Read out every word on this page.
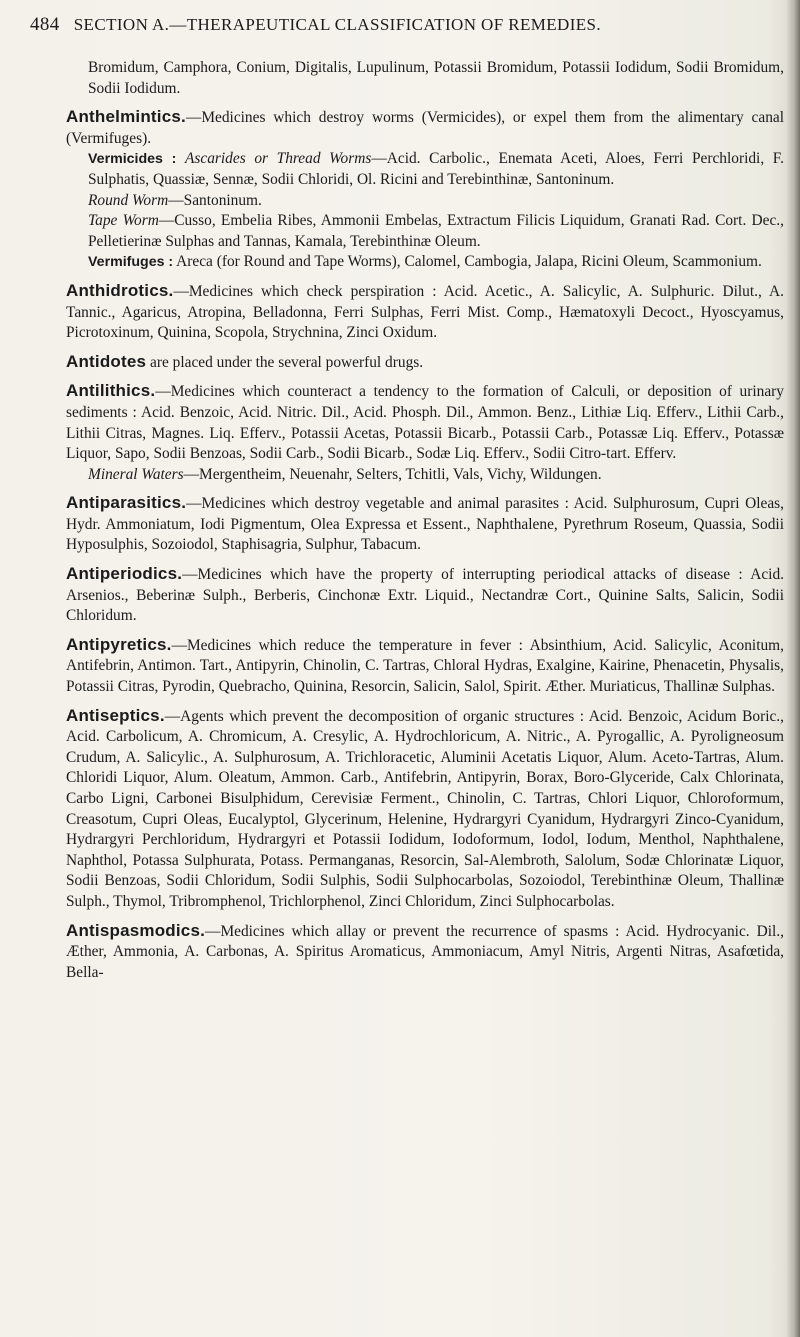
484 SECTION A.—THERAPEUTICAL CLASSIFICATION OF REMEDIES.

Bromidum, Camphora, Conium, Digitalis, Lupulinum, Potassii Bromidum, Potassii Iodidum, Sodii Bromidum, Sodii Iodidum.

Anthelmintics.—Medicines which destroy worms (Vermicides), or expel them from the alimentary canal (Vermifuges).

Vermicides : Ascarides or Thread Worms—Acid. Carbolic., Enemata Aceti, Aloes, Ferri Perchloridi, F. Sulphatis, Quassiæ, Sennæ, Sodii Chloridi, Ol. Ricini and Terebinthinæ, Santoninum.

Round Worm—Santoninum.

Tape Worm—Cusso, Embelia Ribes, Ammonii Embelas, Extractum Filicis Liquidum, Granati Rad. Cort. Dec., Pelletierinæ Sulphas and Tannas, Kamala, Terebinthinæ Oleum.

Vermifuges : Areca (for Round and Tape Worms), Calomel, Cambogia, Jalapa, Ricini Oleum, Scammonium.

Anthidrotics.—Medicines which check perspiration : Acid. Acetic., A. Salicylic, A. Sulphuric. Dilut., A. Tannic., Agaricus, Atropina, Belladonna, Ferri Sulphas, Ferri Mist. Comp., Hæmatoxyli Decoct., Hyoscyamus, Picrotoxinum, Quinina, Scopola, Strychnina, Zinci Oxidum.

Antidotes are placed under the several powerful drugs.

Antilithics.—Medicines which counteract a tendency to the formation of Calculi, or deposition of urinary sediments : Acid. Benzoic, Acid. Nitric. Dil., Acid. Phosph. Dil., Ammon. Benz., Lithiæ Liq. Efferv., Lithii Carb., Lithii Citras, Magnes. Liq. Efferv., Potassii Acetas, Potassii Bicarb., Potassii Carb., Potassæ Liq. Efferv., Potassæ Liquor, Sapo, Sodii Benzoas, Sodii Carb., Sodii Bicarb., Sodæ Liq. Efferv., Sodii Citro-tart. Efferv.

Mineral Waters—Mergentheim, Neuenahr, Selters, Tchitli, Vals, Vichy, Wildungen.

Antiparasitics.—Medicines which destroy vegetable and animal parasites : Acid. Sulphurosum, Cupri Oleas, Hydr. Ammoniatum, Iodi Pigmentum, Olea Expressa et Essent., Naphthalene, Pyrethrum Roseum, Quassia, Sodii Hyposulphis, Sozoiodol, Staphisagria, Sulphur, Tabacum.

Antiperiodics.—Medicines which have the property of interrupting periodical attacks of disease : Acid. Arsenios., Beberinæ Sulph., Berberis, Cinchonæ Extr. Liquid., Nectandræ Cort., Quinine Salts, Salicin, Sodii Chloridum.

Antipyretics.—Medicines which reduce the temperature in fever : Absinthium, Acid. Salicylic, Aconitum, Antifebrin, Antimon. Tart., Antipyrin, Chinolin, C. Tartras, Chloral Hydras, Exalgine, Kairine, Phenacetin, Physalis, Potassii Citras, Pyrodin, Quebracho, Quinina, Resorcin, Salicin, Salol, Spirit. Æther. Muriaticus, Thallinæ Sulphas.

Antiseptics.—Agents which prevent the decomposition of organic structures : Acid. Benzoic, Acidum Boric., Acid. Carbolicum, A. Chromicum, A. Cresylic, A. Hydrochloricum, A. Nitric., A. Pyrogallic, A. Pyroligneosum Crudum, A. Salicylic., A. Sulphurosum, A. Trichloracetic, Aluminii Acetatis Liquor, Alum. Aceto-Tartras, Alum. Chloridi Liquor, Alum. Oleatum, Ammon. Carb., Antifebrin, Antipyrin, Borax, Boro-Glyceride, Calx Chlorinata, Carbo Ligni, Carbonei Bisulphidum, Cerevisiæ Ferment., Chinolin, C. Tartras, Chlori Liquor, Chloroformum, Creasotum, Cupri Oleas, Eucalyptol, Glycerinum, Helenine, Hydrargyri Cyanidum, Hydrargyri Zinco-Cyanidum, Hydrargyri Perchloridum, Hydrargyri et Potassii Iodidum, Iodoformum, Iodol, Iodum, Menthol, Naphthalene, Naphthol, Potassa Sulphurata, Potass. Permanganas, Resorcin, Sal-Alembroth, Salolum, Sodæ Chlorinatæ Liquor, Sodii Benzoas, Sodii Chloridum, Sodii Sulphis, Sodii Sulphocarbolas, Sozoiodol, Terebinthinæ Oleum, Thallinæ Sulph., Thymol, Tribromphenol, Trichlorphenol, Zinci Chloridum, Zinci Sulphocarbolas.

Antispasmodics.—Medicines which allay or prevent the recurrence of spasms : Acid. Hydrocyanic. Dil., Æther, Ammonia, A. Carbonas, A. Spiritus Aromaticus, Ammoniacum, Amyl Nitris, Argenti Nitras, Asafœtida, Bella-
